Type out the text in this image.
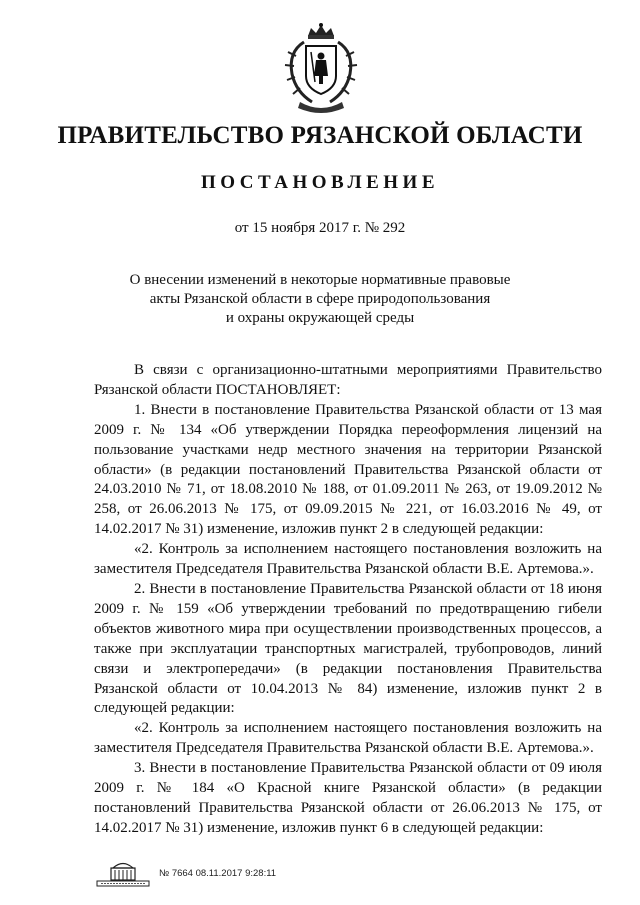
ПРАВИТЕЛЬСТВО РЯЗАНСКОЙ ОБЛАСТИ
ПОСТАНОВЛЕНИЕ
от 15 ноября 2017 г. № 292
О внесении изменений в некоторые нормативные правовые
акты Рязанской области в сфере природопользования
и охраны окружающей среды

В связи с организационно-штатными мероприятиями Правительство Рязанской области ПОСТАНОВЛЯЕТ:

1. Внести в постановление Правительства Рязанской области от 13 мая 2009 г. № 134 «Об утверждении Порядка переоформления лицензий на пользование участками недр местного значения на территории Рязанской области» (в редакции постановлений Правительства Рязанской области от 24.03.2010 № 71, от 18.08.2010 № 188, от 01.09.2011 № 263, от 19.09.2012 № 258, от 26.06.2013 № 175, от 09.09.2015 № 221, от 16.03.2016 № 49, от 14.02.2017 № 31) изменение, изложив пункт 2 в следующей редакции:

«2. Контроль за исполнением настоящего постановления возложить на заместителя Председателя Правительства Рязанской области В.Е. Артемова.».

2. Внести в постановление Правительства Рязанской области от 18 июня 2009 г. № 159 «Об утверждении требований по предотвращению гибели объектов животного мира при осуществлении производственных процессов, а также при эксплуатации транспортных магистралей, трубопроводов, линий связи и электропередачи» (в редакции постановления Правительства Рязанской области от 10.04.2013 № 84) изменение, изложив пункт 2 в следующей редакции:

«2. Контроль за исполнением настоящего постановления возложить на заместителя Председателя Правительства Рязанской области В.Е. Артемова.».

3. Внести в постановление Правительства Рязанской области от 09 июля 2009 г. № 184 «О Красной книге Рязанской области» (в редакции постановлений Правительства Рязанской области от 26.06.2013 № 175, от 14.02.2017 № 31) изменение, изложив пункт 6 в следующей редакции:

№ 7664 08.11.2017 9:28:11
